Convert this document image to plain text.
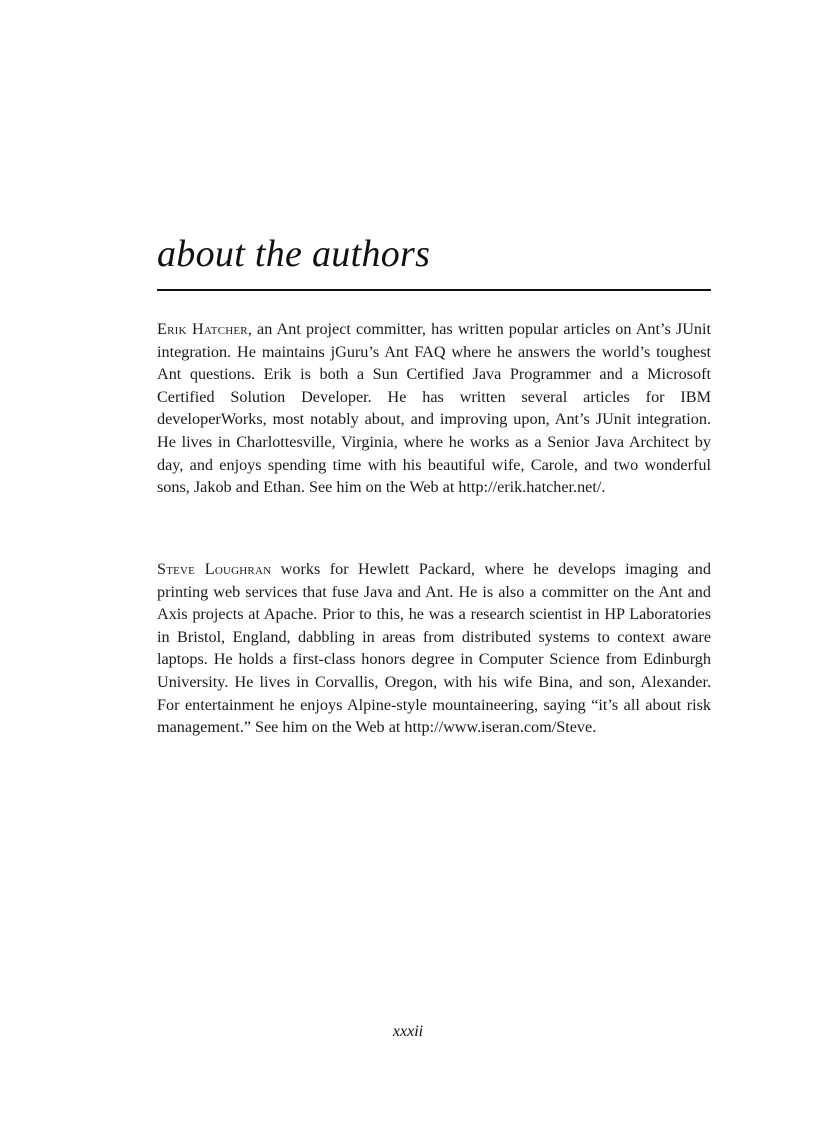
about the authors

Erik Hatcher, an Ant project committer, has written popular articles on Ant’s JUnit integration. He maintains jGuru’s Ant FAQ where he answers the world’s toughest Ant questions. Erik is both a Sun Certified Java Programmer and a Microsoft Certified Solution Developer. He has written several articles for IBM developerWorks, most notably about, and improving upon, Ant’s JUnit integration. He lives in Charlottesville, Virginia, where he works as a Senior Java Architect by day, and enjoys spending time with his beautiful wife, Carole, and two wonderful sons, Jakob and Ethan. See him on the Web at http://erik.hatcher.net/.

Steve Loughran works for Hewlett Packard, where he develops imaging and printing web services that fuse Java and Ant. He is also a committer on the Ant and Axis projects at Apache. Prior to this, he was a research scientist in HP Laboratories in Bristol, England, dabbling in areas from distributed systems to context aware laptops. He holds a first-class honors degree in Computer Science from Edinburgh University. He lives in Corvallis, Oregon, with his wife Bina, and son, Alexander. For entertainment he enjoys Alpine-style mountaineering, saying “it’s all about risk management.” See him on the Web at http://www.iseran.com/Steve.

xxxii
